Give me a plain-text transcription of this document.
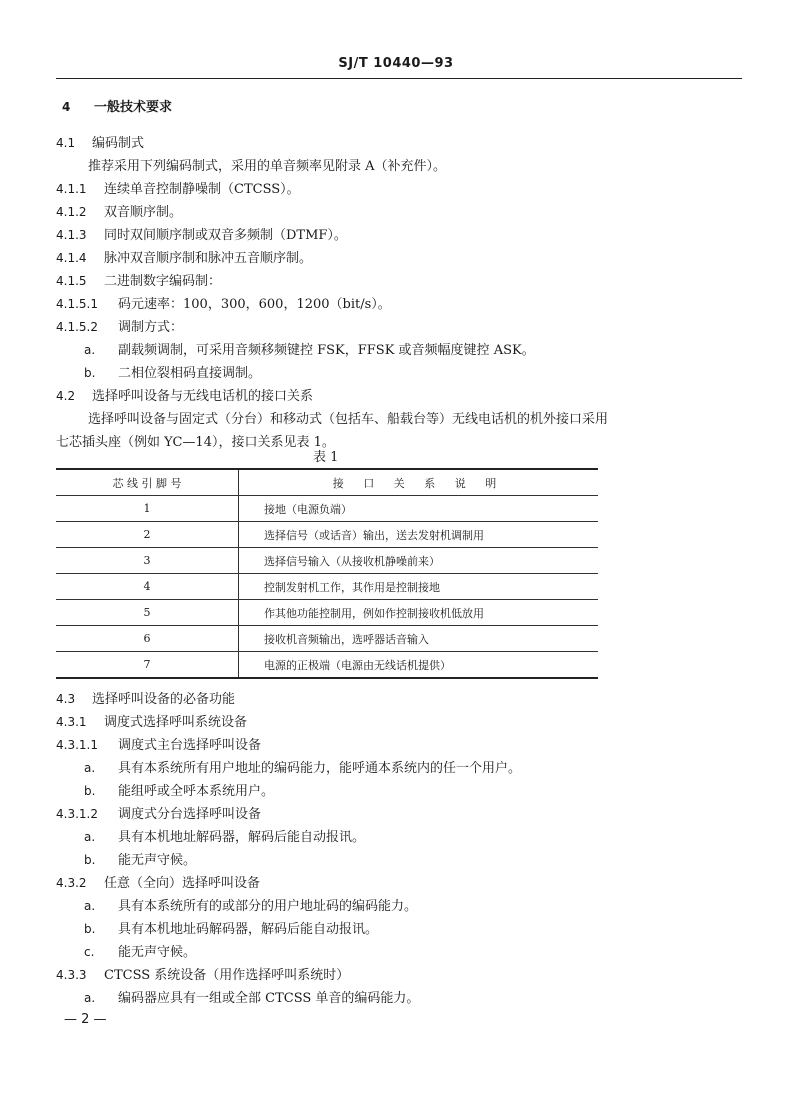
SJ/T 10440—93
4 一般技术要求
4.1 编码制式
推荐采用下列编码制式，采用的单音频率见附录 A（补充件）。
4.1.1 连续单音控制静噪制（CTCSS）。
4.1.2 双音顺序制。
4.1.3 同时双间顺序制或双音多频制（DTMF）。
4.1.4 脉冲双音顺序制和脉冲五音顺序制。
4.1.5 二进制数字编码制：
4.1.5.1 码元速率：100，300，600，1200（bit/s）。
4.1.5.2 调制方式：
a. 副载频调制，可采用音频移频键控 FSK，FFSK 或音频幅度键控 ASK。
b. 二相位裂相码直接调制。
4.2 选择呼叫设备与无线电话机的接口关系
选择呼叫设备与固定式（分台）和移动式（包括车、船载台等）无线电话机的机外接口采用
七芯插头座（例如 YC—14），接口关系见表 1。
表 1
芯 线 引 脚 号	接 口 关 系 说 明
1	接地（电源负端）
2	选择信号（或话音）输出，送去发射机调制用
3	选择信号输入（从接收机静噪前来）
4	控制发射机工作，其作用是控制接地
5	作其他功能控制用，例如作控制接收机低放用
6	接收机音频输出，选呼器话音输入
7	电源的正极端（电源由无线话机提供）
4.3 选择呼叫设备的必备功能
4.3.1 调度式选择呼叫系统设备
4.3.1.1 调度式主台选择呼叫设备
a. 具有本系统所有用户地址的编码能力，能呼通本系统内的任一个用户。
b. 能组呼或全呼本系统用户。
4.3.1.2 调度式分台选择呼叫设备
a. 具有本机地址解码器，解码后能自动报讯。
b. 能无声守候。
4.3.2 任意（全向）选择呼叫设备
a. 具有本系统所有的或部分的用户地址码的编码能力。
b. 具有本机地址码解码器，解码后能自动报讯。
c. 能无声守候。
4.3.3 CTCSS 系统设备（用作选择呼叫系统时）
a. 编码器应具有一组或全部 CTCSS 单音的编码能力。
— 2 —
